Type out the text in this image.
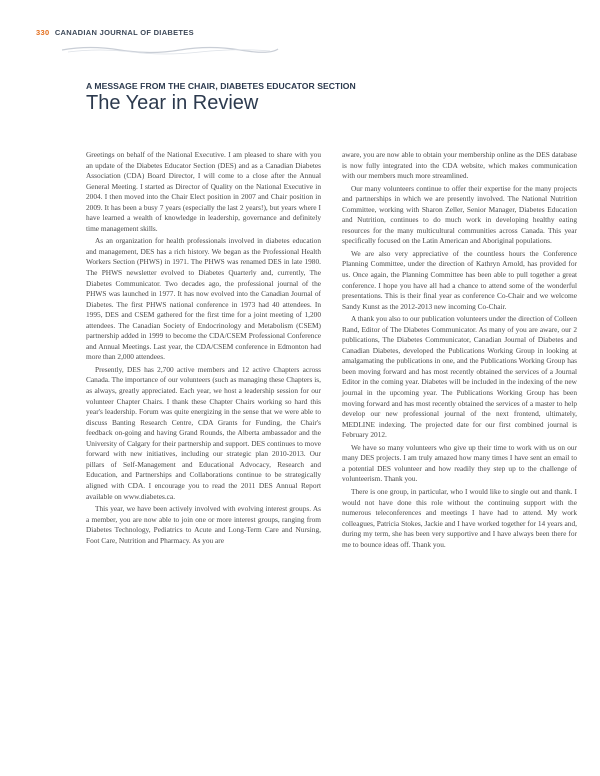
330 CANADIAN JOURNAL OF DIABETES
A MESSAGE FROM THE CHAIR, DIABETES EDUCATOR SECTION
The Year in Review

Greetings on behalf of the National Executive. I am pleased to share with you an update of the Diabetes Educator Section (DES) and as a Canadian Diabetes Association (CDA) Board Director, I will come to a close after the Annual General Meeting. I started as Director of Quality on the National Executive in 2004. I then moved into the Chair Elect position in 2007 and Chair position in 2009. It has been a busy 7 years (especially the last 2 years!), but years where I have learned a wealth of knowledge in leadership, governance and definitely time management skills.

As an organization for health professionals involved in diabetes education and management, DES has a rich history. We began as the Professional Health Workers Section (PHWS) in 1971. The PHWS was renamed DES in late 1980. The PHWS newsletter evolved to Diabetes Quarterly and, currently, The Diabetes Communicator. Two decades ago, the professional journal of the PHWS was launched in 1977. It has now evolved into the Canadian Journal of Diabetes. The first PHWS national conference in 1973 had 40 attendees. In 1995, DES and CSEM gathered for the first time for a joint meeting of 1,200 attendees. The Canadian Society of Endocrinology and Metabolism (CSEM) partnership added in 1999 to become the CDA/CSEM Professional Conference and Annual Meetings. Last year, the CDA/CSEM conference in Edmonton had more than 2,000 attendees.

Presently, DES has 2,700 active members and 12 active Chapters across Canada. The importance of our volunteers (such as managing these Chapters is, as always, greatly appreciated. Each year, we host a leadership session for our volunteer Chapter Chairs. I thank these Chapter Chairs working so hard this year's leadership. Forum was quite energizing in the sense that we were able to discuss Banting Research Centre, CDA Grants for Funding, the Chair's feedback on-going and having Grand Rounds, the Alberta ambassador and the University of Calgary for their partnership and support. DES continues to move forward with new initiatives, including our strategic plan 2010-2013. Our pillars of Self-Management and Educational Advocacy, Research and Education, and Partnerships and Collaborations continue to be strategically aligned with CDA. I encourage you to read the 2011 DES Annual Report available on www.diabetes.ca.

This year, we have been actively involved with evolving interest groups. As a member, you are now able to join one or more interest groups, ranging from Diabetes Technology, Pediatrics to Acute and Long-Term Care and Nursing, Foot Care, Nutrition and Pharmacy. As you are

aware, you are now able to obtain your membership online as the DES database is now fully integrated into the CDA website, which makes communication with our members much more streamlined.

Our many volunteers continue to offer their expertise for the many projects and partnerships in which we are presently involved. The National Nutrition Committee, working with Sharon Zeller, Senior Manager, Diabetes Education and Nutrition, continues to do much work in developing healthy eating resources for the many multicultural communities across Canada. This year specifically focused on the Latin American and Aboriginal populations.

We are also very appreciative of the countless hours the Conference Planning Committee, under the direction of Kathryn Arnold, has provided for us. Once again, the Planning Committee has been able to pull together a great conference. I hope you have all had a chance to attend some of the wonderful presentations. This is their final year as conference Co-Chair and we welcome Sandy Kunst as the 2012-2013 new incoming Co-Chair.

A thank you also to our publication volunteers under the direction of Colleen Rand, Editor of The Diabetes Communicator. As many of you are aware, our 2 publications, The Diabetes Communicator, Canadian Journal of Diabetes and Canadian Diabetes, developed the Publications Working Group in looking at amalgamating the publications in one, and the Publications Working Group has been moving forward and has most recently obtained the services of a Journal Editor in the coming year. Diabetes will be included in the indexing of the new journal in the upcoming year. The Publications Working Group has been moving forward and has most recently obtained the services of a master to help develop our new professional journal of the next frontend, ultimately, MEDLINE indexing. The projected date for our first combined journal is February 2012.

We have so many volunteers who give up their time to work with us on our many DES projects. I am truly amazed how many times I have sent an email to a potential DES volunteer and how readily they step up to the challenge of volunteerism. Thank you.

There is one group, in particular, who I would like to single out and thank. I would not have done this role without the continuing support with the numerous teleconferences and meetings I have had to attend. My work colleagues, Patricia Stokes, Jackie and I have worked together for 14 years and, during my term, she has been very supportive and I have always been there for me to bounce ideas off. Thank you.
